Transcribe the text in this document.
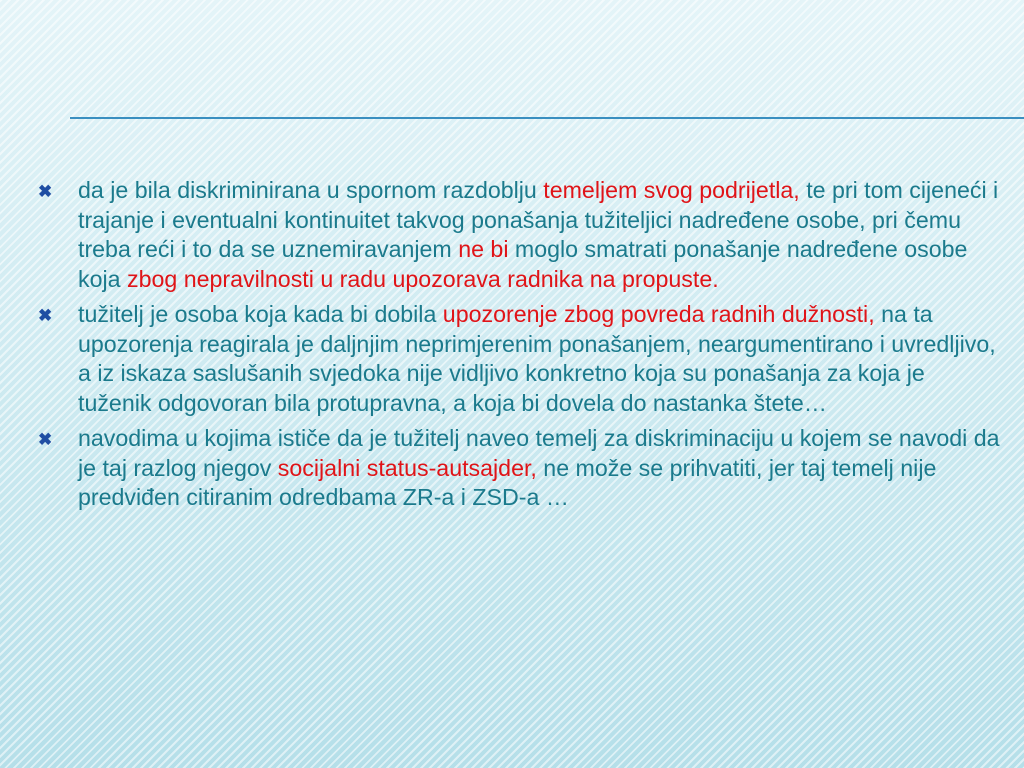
✖ da je bila diskriminirana u spornom razdoblju temeljem svog podrijetla, te pri tom cijeneći i trajanje i eventualni kontinuitet takvog ponašanja tužiteljici nadređene osobe, pri čemu treba reći i to da se uznemiravanjem ne bi moglo smatrati ponašanje nadređene osobe koja zbog nepravilnosti u radu upozorava radnika na propuste.
✖ tužitelj je osoba koja kada bi dobila upozorenje zbog povreda radnih dužnosti, na ta upozorenja reagirala je daljnjim neprimjerenim ponašanjem, neargumentirano i uvredljivo, a iz iskaza saslušanih svjedoka nije vidljivo konkretno koja su ponašanja za koja je tuženik odgovoran bila protupravna, a koja bi dovela do nastanka štete…
✖ navodima u kojima ističe da je tužitelj naveo temelj za diskriminaciju u kojem se navodi da je taj razlog njegov socijalni status-autsajder, ne može se prihvatiti, jer taj temelj nije predviđen citiranim odredbama ZR-a i ZSD-a …
